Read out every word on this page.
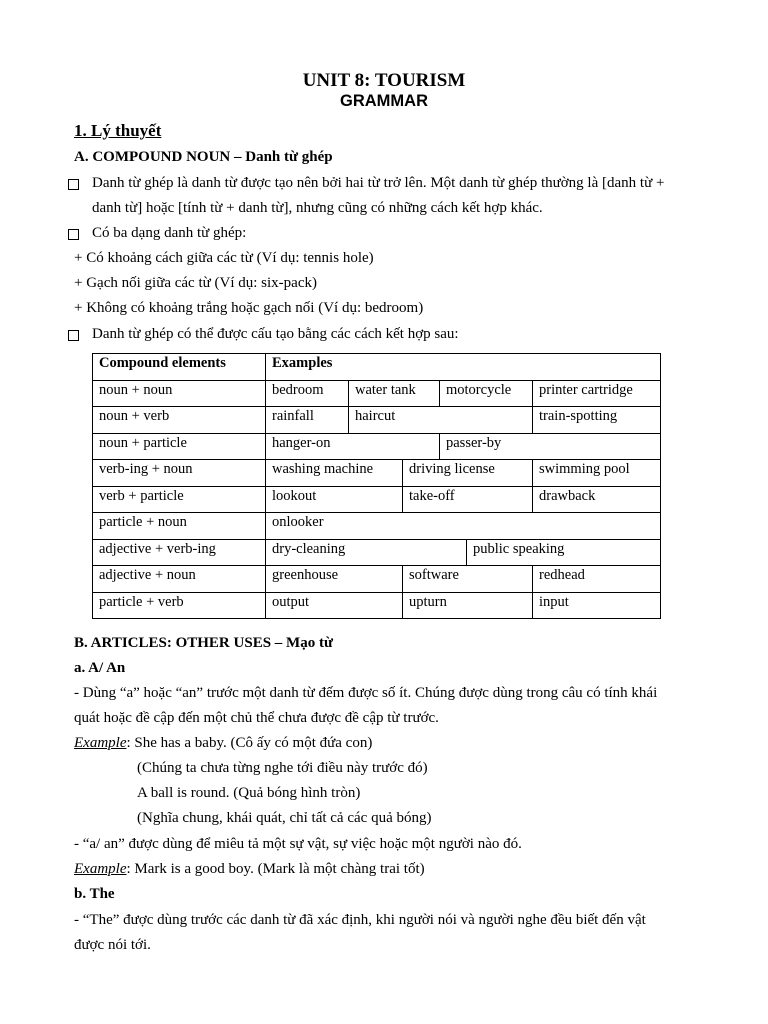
UNIT 8: TOURISM
GRAMMAR
1. Lý thuyết
A. COMPOUND NOUN – Danh từ ghép
Danh từ ghép là danh từ được tạo nên bởi hai từ trở lên. Một danh từ ghép thường là [danh từ +
danh từ] hoặc [tính từ + danh từ], nhưng cũng có những cách kết hợp khác.
Có ba dạng danh từ ghép:
+ Có khoảng cách giữa các từ (Ví dụ: tennis hole)
+ Gạch nối giữa các từ (Ví dụ: six-pack)
+ Không có khoảng trắng hoặc gạch nối (Ví dụ: bedroom)
Danh từ ghép có thể được cấu tạo bằng các cách kết hợp sau:
Compound elements	Examples					
noun + noun	bedroom	water tank		motorcycle		printer cartridge
noun + verb	rainfall	haircut				train-spotting
noun + particle	hanger-on			passer-by		
verb-ing + noun	washing machine		driving license			swimming pool
verb + particle	lookout		take-off			drawback
particle + noun	onlooker					
adjective + verb-ing	dry-cleaning				public speaking	
adjective + noun	greenhouse		software			redhead
particle + verb	output		upturn			input
B. ARTICLES: OTHER USES – Mạo từ
a. A/ An
- Dùng “a” hoặc “an” trước một danh từ đếm được số ít. Chúng được dùng trong câu có tính khái
quát hoặc đề cập đến một chủ thể chưa được đề cập từ trước.
Example: She has a baby. (Cô ấy có một đứa con)
(Chúng ta chưa từng nghe tới điều này trước đó)
A ball is round. (Quả bóng hình tròn)
(Nghĩa chung, khái quát, chỉ tất cả các quả bóng)
- “a/ an” được dùng để miêu tả một sự vật, sự việc hoặc một người nào đó.
Example: Mark is a good boy. (Mark là một chàng trai tốt)
b. The
- “The” được dùng trước các danh từ đã xác định, khi người nói và người nghe đều biết đến vật
được nói tới.
